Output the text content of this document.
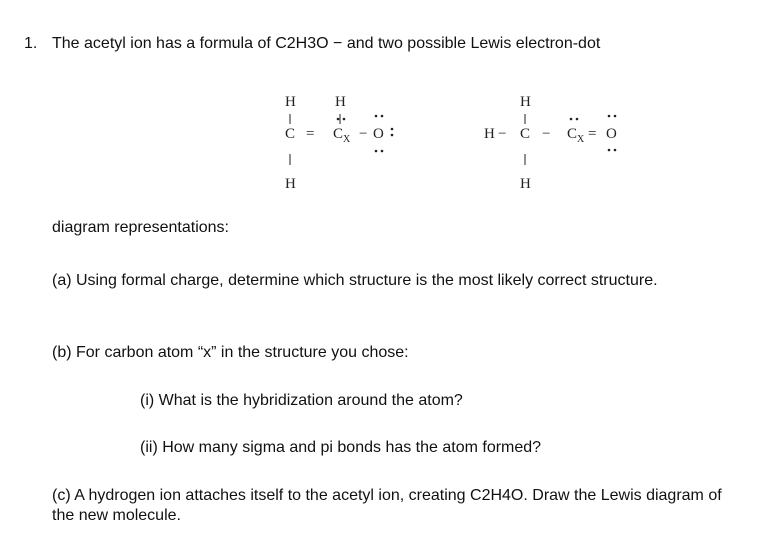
1. The acetyl ion has a formula of C2H3O − and two possible Lewis electron-dot
H	H
C = C X − O
H
H
H − C − C X = O
H
diagram representations:
(a) Using formal charge, determine which structure is the most likely correct structure.
(b) For carbon atom “x” in the structure you chose:
(i) What is the hybridization around the atom?
(ii) How many sigma and pi bonds has the atom formed?
(c) A hydrogen ion attaches itself to the acetyl ion, creating C2H4O. Draw the Lewis diagram of the new molecule.
